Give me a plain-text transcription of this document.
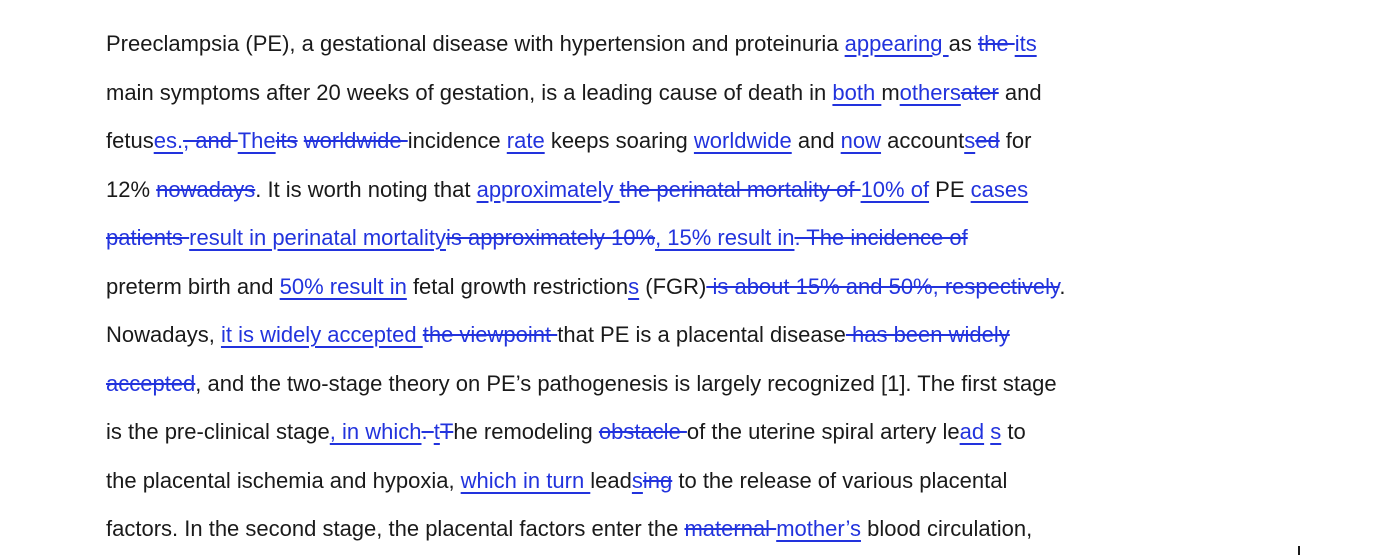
Preeclampsia (PE), a gestational disease with hypertension and proteinuria appearing as the its
main symptoms after 20 weeks of gestation, is a leading cause of death in both mothersater and
fetuses., and Theits worldwide incidence rate keeps soaring worldwide and now accountsed for
12% nowadays. It is worth noting that approximately the perinatal mortality of 10% of PE cases
patients result in perinatal mortalityis approximately 10%, 15% result in. The incidence of
preterm birth and 50% result in fetal growth restrictions (FGR) is about 15% and 50%, respectively.
Nowadays, it is widely accepted the viewpoint that PE is a placental disease has been widely
accepted, and the two-stage theory on PE’s pathogenesis is largely recognized [1]. The first stage
is the pre-clinical stage, in which. tThe remodeling obstacle of the uterine spiral artery lead s to
the placental ischemia and hypoxia, which in turn leadsing to the release of various placental
factors. In the second stage, the placental factors enter the maternal mother’s blood circulation,
